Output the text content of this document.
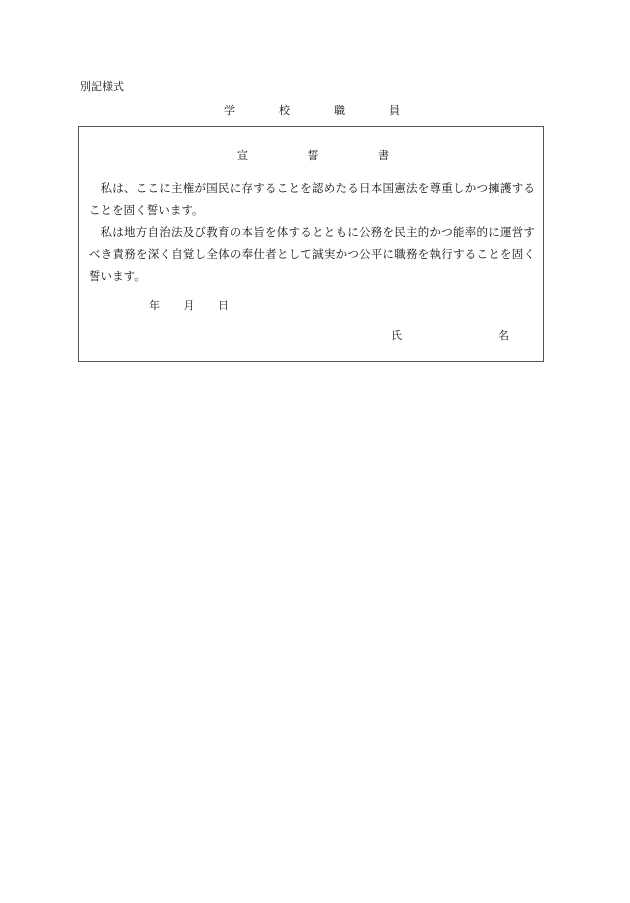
別記様式
学	校	職	員
宣	誓	書

私は、ここに主権が国民に存することを認めたる日本国憲法を尊重しかつ擁護することを固く誓います。

私は地方自治法及び教育の本旨を体するとともに公務を民主的かつ能率的に運営すべき責務を深く自覚し全体の奉仕者として誠実かつ公平に職務を執行することを固く誓います。

年 月 日
氏	名
